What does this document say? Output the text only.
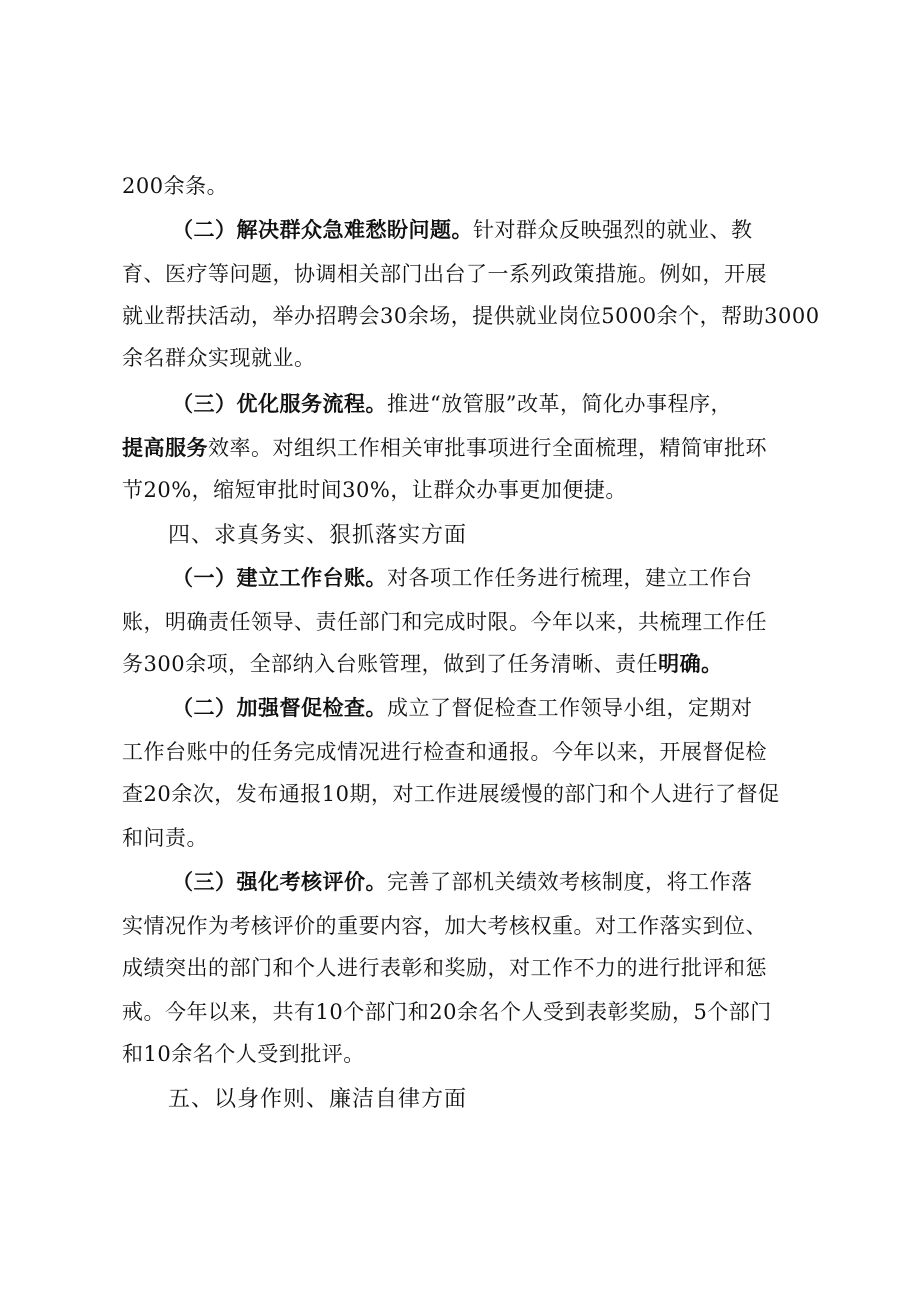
200余条。
（二）解决群众急难愁盼问题。针对群众反映强烈的就业、教
育、医疗等问题，协调相关部门出台了一系列政策措施。例如，开展
就业帮扶活动，举办招聘会30余场，提供就业岗位5000余个，帮助3000
余名群众实现就业。
（三）优化服务流程。推进“放管服”改革，简化办事程序，
提高服务效率。对组织工作相关审批事项进行全面梳理，精简审批环
节20%，缩短审批时间30%，让群众办事更加便捷。
四、求真务实、狠抓落实方面
（一）建立工作台账。对各项工作任务进行梳理，建立工作台
账，明确责任领导、责任部门和完成时限。今年以来，共梳理工作任
务300余项，全部纳入台账管理，做到了任务清晰、责任明确。
（二）加强督促检查。成立了督促检查工作领导小组，定期对
工作台账中的任务完成情况进行检查和通报。今年以来，开展督促检
查20余次，发布通报10期，对工作进展缓慢的部门和个人进行了督促
和问责。
（三）强化考核评价。完善了部机关绩效考核制度，将工作落
实情况作为考核评价的重要内容，加大考核权重。对工作落实到位、
成绩突出的部门和个人进行表彰和奖励，对工作不力的进行批评和惩
戒。今年以来，共有10个部门和20余名个人受到表彰奖励，5个部门
和10余名个人受到批评。
五、以身作则、廉洁自律方面
